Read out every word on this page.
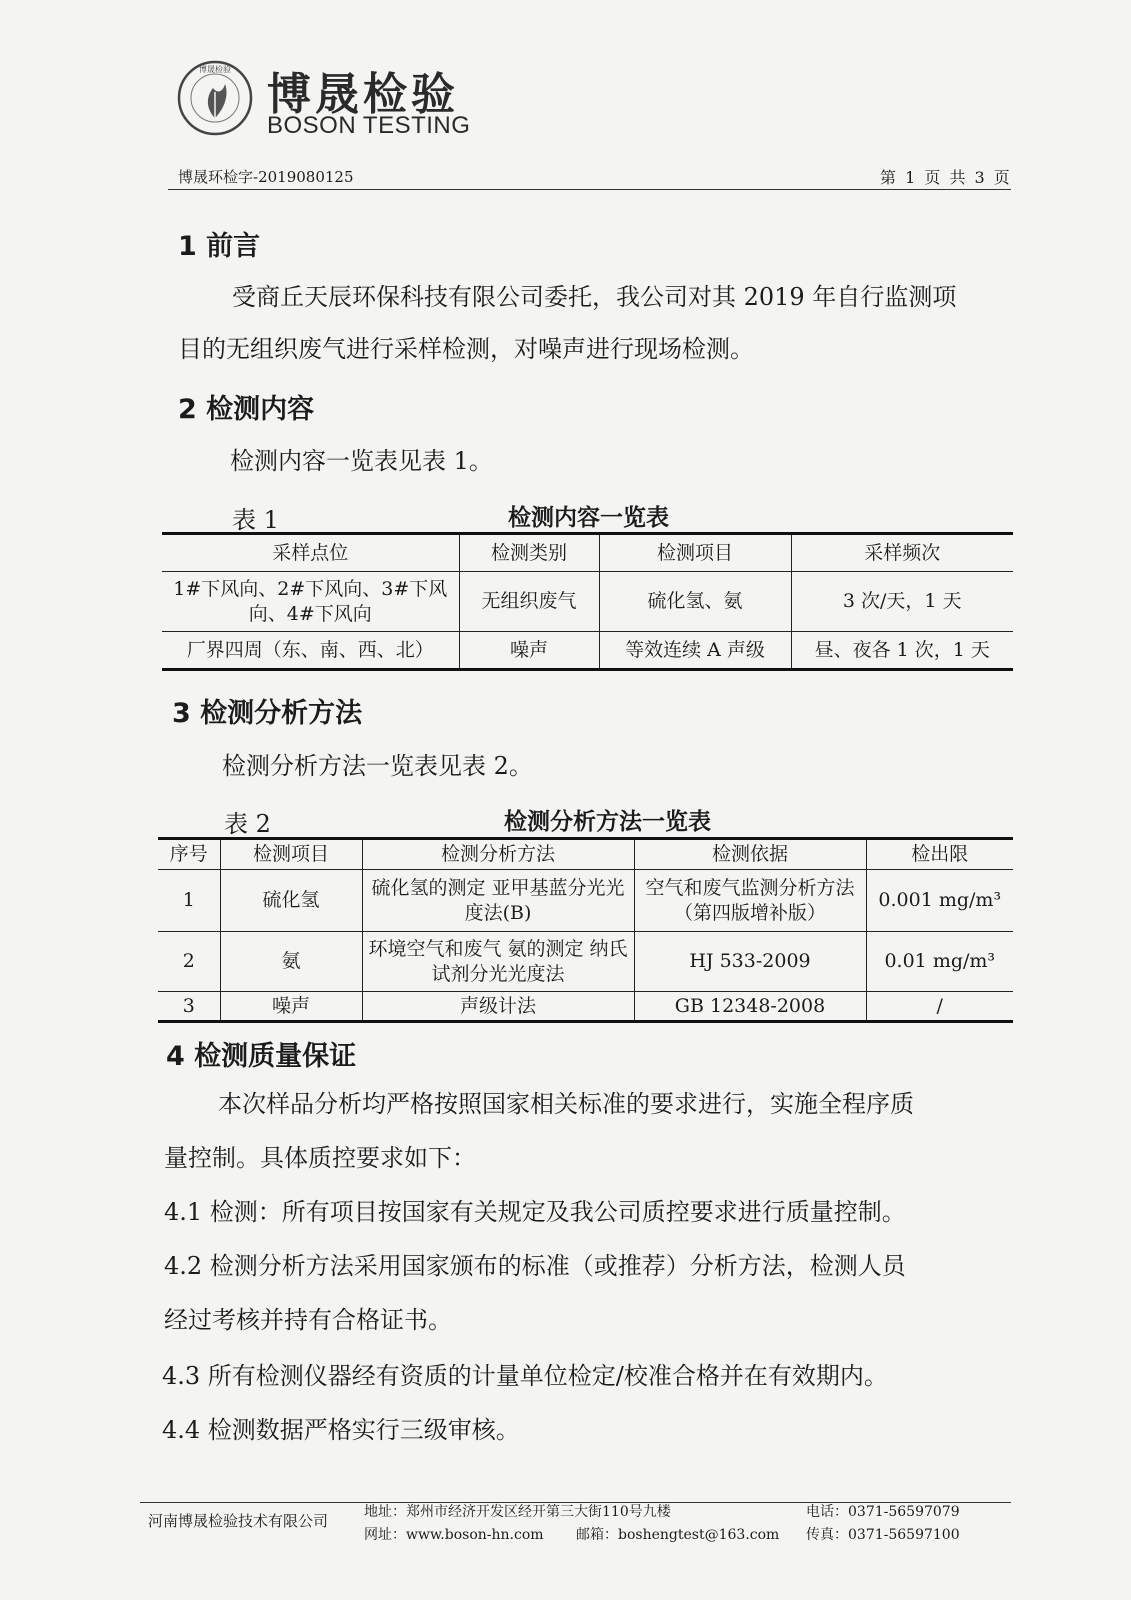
博晟检验 博晟检验
BOSON TESTING
博晟环检字-2019080125	第 1 页 共 3 页
1 前言
受商丘天辰环保科技有限公司委托，我公司对其 2019 年自行监测项
目的无组织废气进行采样检测，对噪声进行现场检测。
2 检测内容
检测内容一览表见表 1。
表 1	检测内容一览表
采样点位	检测类别	检测项目	采样频次
1#下风向、2#下风向、3#下风向、4#下风向	无组织废气	硫化氢、氨	3 次/天，1 天
厂界四周（东、南、西、北）	噪声	等效连续 A 声级	昼、夜各 1 次，1 天
3 检测分析方法
检测分析方法一览表见表 2。
表 2	检测分析方法一览表
序号	检测项目	检测分析方法	检测依据	检出限
1	硫化氢	硫化氢的测定 亚甲基蓝分光光度法(B)	空气和废气监测分析方法（第四版增补版）	0.001 mg/m³
2	氨	环境空气和废气 氨的测定 纳氏试剂分光光度法	HJ 533-2009	0.01 mg/m³
3	噪声	声级计法	GB 12348-2008	/
4 检测质量保证
本次样品分析均严格按照国家相关标准的要求进行，实施全程序质
量控制。具体质控要求如下：
4.1 检测：所有项目按国家有关规定及我公司质控要求进行质量控制。
4.2 检测分析方法采用国家颁布的标准（或推荐）分析方法，检测人员
经过考核并持有合格证书。
4.3 所有检测仪器经有资质的计量单位检定/校准合格并在有效期内。
4.4 检测数据严格实行三级审核。
河南博晟检验技术有限公司	地址：郑州市经济开发区经开第三大街110号九楼
网址：www.boson-hn.com 邮箱：boshengtest@163.com
电话：0371-56597079
传真：0371-56597100
